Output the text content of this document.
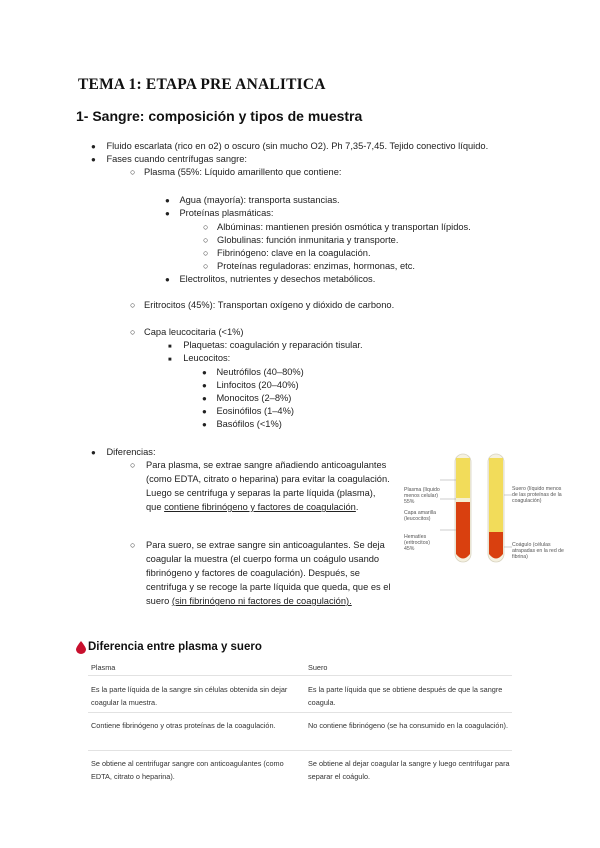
TEMA 1: ETAPA PRE ANALITICA
1- Sangre: composición y tipos de muestra
● Fluido escarlata (rico en o2) o oscuro (sin mucho O2). Ph 7,35-7,45. Tejido conectivo líquido.
● Fases cuando centrífugas sangre:
○ Plasma (55%: Líquido amarillento que contiene:
● Agua (mayoría): transporta sustancias.
● Proteínas plasmáticas:
○ Albúminas: mantienen presión osmótica y transportan lípidos.
○ Globulinas: función inmunitaria y transporte.
○ Fibrinógeno: clave en la coagulación.
○ Proteínas reguladoras: enzimas, hormonas, etc.
● Electrolitos, nutrientes y desechos metabólicos.
○ Eritrocitos (45%): Transportan oxígeno y dióxido de carbono.
○ Capa leucocitaria (<1%)
■ Plaquetas: coagulación y reparación tisular.
■ Leucocitos:
● Neutrófilos (40–80%)
● Linfocitos (20–40%)
● Monocitos (2–8%)
● Eosinófilos (1–4%)
● Basófilos (<1%)
● Diferencias:
○ Para plasma, se extrae sangre añadiendo anticoagulantes (como EDTA, citrato o heparina) para evitar la coagulación. Luego se centrifuga y separas la parte líquida (plasma), que contiene fibrinógeno y factores de coagulación.
○ Para suero, se extrae sangre sin anticoagulantes. Se deja coagular la muestra (el cuerpo forma un coágulo usando fibrinógeno y factores de coagulación). Después, se centrifuga y se recoge la parte líquida que queda, que es el suero (sin fibrinógeno ni factores de coagulación).
Plasma (líquido menos celular) 55%
Capa amarilla (leucocitos)
Hematíes (eritrocitos) 45%
Suero (líquido menos de las proteínas de la coagulación)
Coágulo (células atrapadas en la red de fibrina)
Diferencia entre plasma y suero
Plasma	Suero
Es la parte líquida de la sangre sin células obtenida sin dejar coagular la muestra.
Es la parte líquida que se obtiene después de que la sangre coagula.
Contiene fibrinógeno y otras proteínas de la coagulación.	No contiene fibrinógeno (se ha consumido en la coagulación).
Se obtiene al centrifugar sangre con anticoagulantes (como EDTA, citrato o heparina).
Se obtiene al dejar coagular la sangre y luego centrifugar para separar el coágulo.
